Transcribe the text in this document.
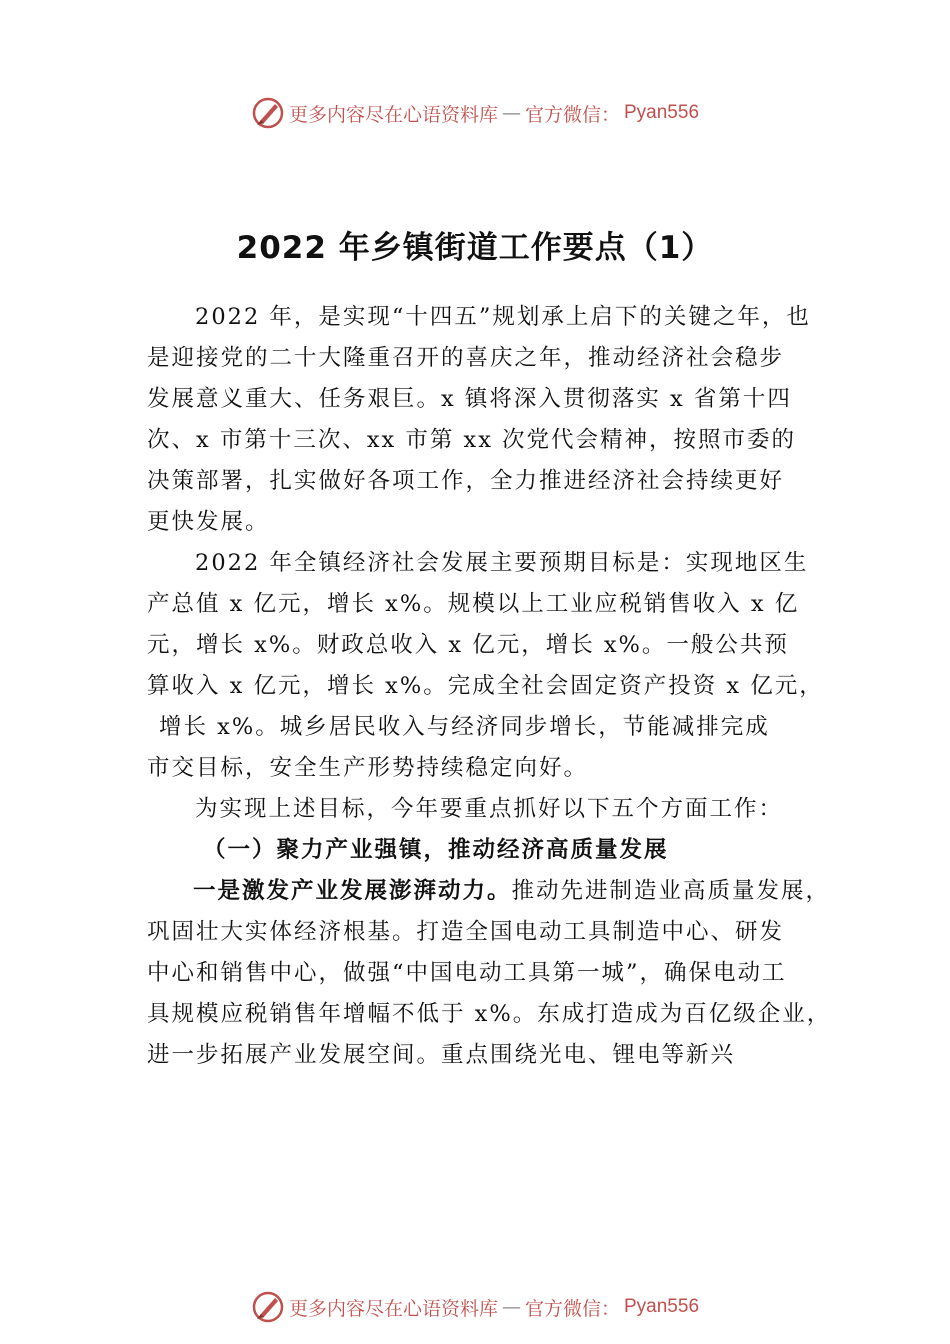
更多内容尽在心语资料库 — 官方微信： Pyan556
2022 年乡镇街道工作要点（1）
2022 年，是实现“十四五”规划承上启下的关键之年，也
是迎接党的二十大隆重召开的喜庆之年，推动经济社会稳步
发展意义重大、任务艰巨。x 镇将深入贯彻落实 x 省第十四
次、x 市第十三次、xx 市第 xx 次党代会精神，按照市委的
决策部署，扎实做好各项工作，全力推进经济社会持续更好
更快发展。
2022 年全镇经济社会发展主要预期目标是：实现地区生
产总值 x 亿元，增长 x%。规模以上工业应税销售收入 x 亿
元，增长 x%。财政总收入 x 亿元，增长 x%。一般公共预
算收入 x 亿元，增长 x%。完成全社会固定资产投资 x 亿元，
增长 x%。城乡居民收入与经济同步增长，节能减排完成
市交目标，安全生产形势持续稳定向好。
为实现上述目标，今年要重点抓好以下五个方面工作：
（一）聚力产业强镇，推动经济高质量发展
一是激发产业发展澎湃动力。推动先进制造业高质量发展，
巩固壮大实体经济根基。打造全国电动工具制造中心、研发
中心和销售中心，做强“中国电动工具第一城”，确保电动工
具规模应税销售年增幅不低于 x%。东成打造成为百亿级企业，
进一步拓展产业发展空间。重点围绕光电、锂电等新兴
更多内容尽在心语资料库 — 官方微信： Pyan556
